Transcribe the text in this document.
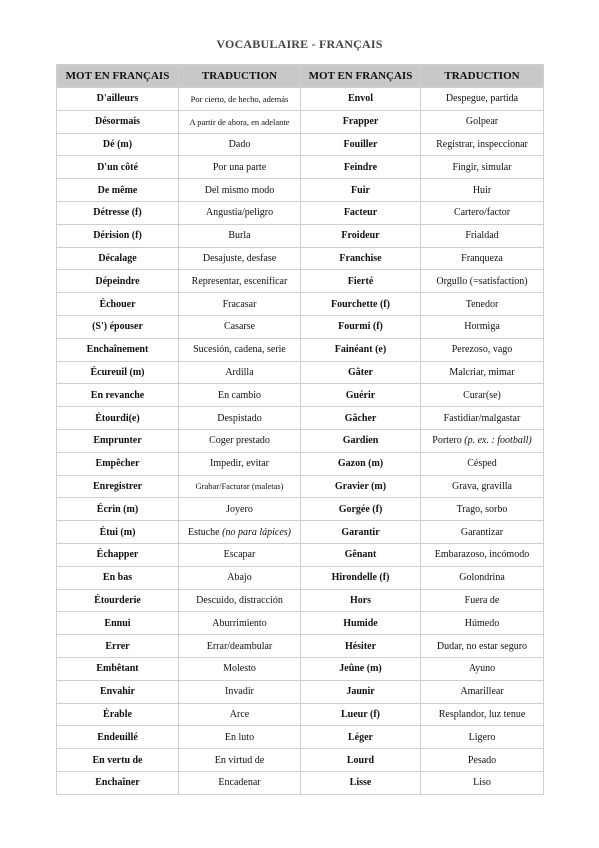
VOCABULAIRE - FRANÇAIS
MOT EN FRANÇAIS	TRADUCTION	MOT EN FRANÇAIS	TRADUCTION
D'ailleurs	Por cierto, de hecho, además	Envol	Despegue, partida
Désormais	A partir de ahora, en adelante	Frapper	Golpear
Dé (m)	Dado	Fouiller	Registrar, inspeccionar
D'un côté	Por una parte	Feindre	Fingir, simular
De même	Del mismo modo	Fuir	Huir
Détresse (f)	Angustia/peligro	Facteur	Cartero/factor
Dérision (f)	Burla	Froideur	Frialdad
Décalage	Desajuste, desfase	Franchise	Franqueza
Dépeindre	Representar, escenificar	Fierté	Orgullo (=satisfaction)
Échouer	Fracasar	Fourchette (f)	Tenedor
(S') épouser	Casarse	Fourmi (f)	Hormiga
Enchaînement	Sucesión, cadena, serie	Fainéant (e)	Perezoso, vago
Écureuil (m)	Ardilla	Gâter	Malcriar, mimar
En revanche	En cambio	Guérir	Curar(se)
Étourdi(e)	Despistado	Gâcher	Fastidiar/malgastar
Emprunter	Coger prestado	Gardien	Portero (p. ex. : football)
Empêcher	Impedir, evitar	Gazon (m)	Césped
Enregistrer	Grabar/Facturar (maletas)	Gravier (m)	Grava, gravilla
Écrin (m)	Joyero	Gorgée (f)	Trago, sorbo
Étui (m)	Estuche (no para lápices)	Garantir	Garantizar
Échapper	Escapar	Gênant	Embarazoso, incómodo
En bas	Abajo	Hirondelle (f)	Golondrina
Étourderie	Descuido, distracción	Hors	Fuera de
Ennui	Aburrimiento	Humide	Húmedo
Errer	Errar/deambular	Hésiter	Dudar, no estar seguro
Embêtant	Molesto	Jeûne (m)	Ayuno
Envahir	Invadir	Jaunir	Amarillear
Érable	Arce	Lueur (f)	Resplandor, luz tenue
Endeuillé	En luto	Léger	Ligero
En vertu de	En virtud de	Lourd	Pesado
Enchaîner	Encadenar	Lisse	Liso
